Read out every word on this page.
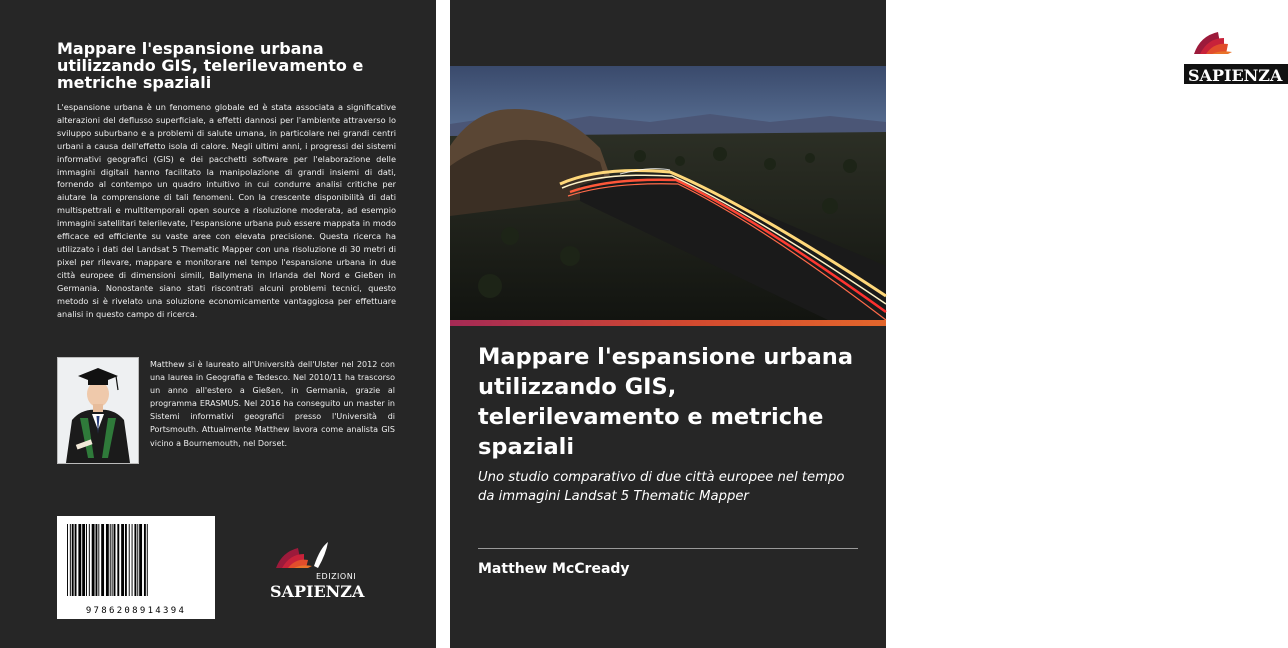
Mappare l'espansione urbana utilizzando GIS, telerilevamento e metriche spaziali

L'espansione urbana è un fenomeno globale ed è stata associata a significative alterazioni del deflusso superficiale, a effetti dannosi per l'ambiente attraverso lo sviluppo suburbano e a problemi di salute umana, in particolare nei grandi centri urbani a causa dell'effetto isola di calore. Negli ultimi anni, i progressi dei sistemi informativi geografici (GIS) e dei pacchetti software per l'elaborazione delle immagini digitali hanno facilitato la manipolazione di grandi insiemi di dati, fornendo al contempo un quadro intuitivo in cui condurre analisi critiche per aiutare la comprensione di tali fenomeni. Con la crescente disponibilità di dati multispettrali e multitemporali open source a risoluzione moderata, ad esempio immagini satellitari telerilevate, l'espansione urbana può essere mappata in modo efficace ed efficiente su vaste aree con elevata precisione. Questa ricerca ha utilizzato i dati del Landsat 5 Thematic Mapper con una risoluzione di 30 metri di pixel per rilevare, mappare e monitorare nel tempo l'espansione urbana in due città europee di dimensioni simili, Ballymena in Irlanda del Nord e Gießen in Germania. Nonostante siano stati riscontrati alcuni problemi tecnici, questo metodo si è rivelato una soluzione economicamente vantaggiosa per effettuare analisi in questo campo di ricerca.

Matthew si è laureato all'Università dell'Ulster nel 2012 con una laurea in Geografia e Tedesco. Nel 2010/11 ha trascorso un anno all'estero a Gießen, in Germania, grazie al programma ERASMUS. Nel 2016 ha conseguito un master in Sistemi informativi geografici presso l'Università di Portsmouth. Attualmente Matthew lavora come analista GIS vicino a Bournemouth, nel Dorset.

9786208914394
EDIZIONI
SAPIENZA
EDIZIONI
SAPIENZA
Mappare l'espansione urbana utilizzando GIS, telerilevamento e metriche spaziali

Uno studio comparativo di due città europee nel tempo da immagini Landsat 5 Thematic Mapper

Matthew McCready
